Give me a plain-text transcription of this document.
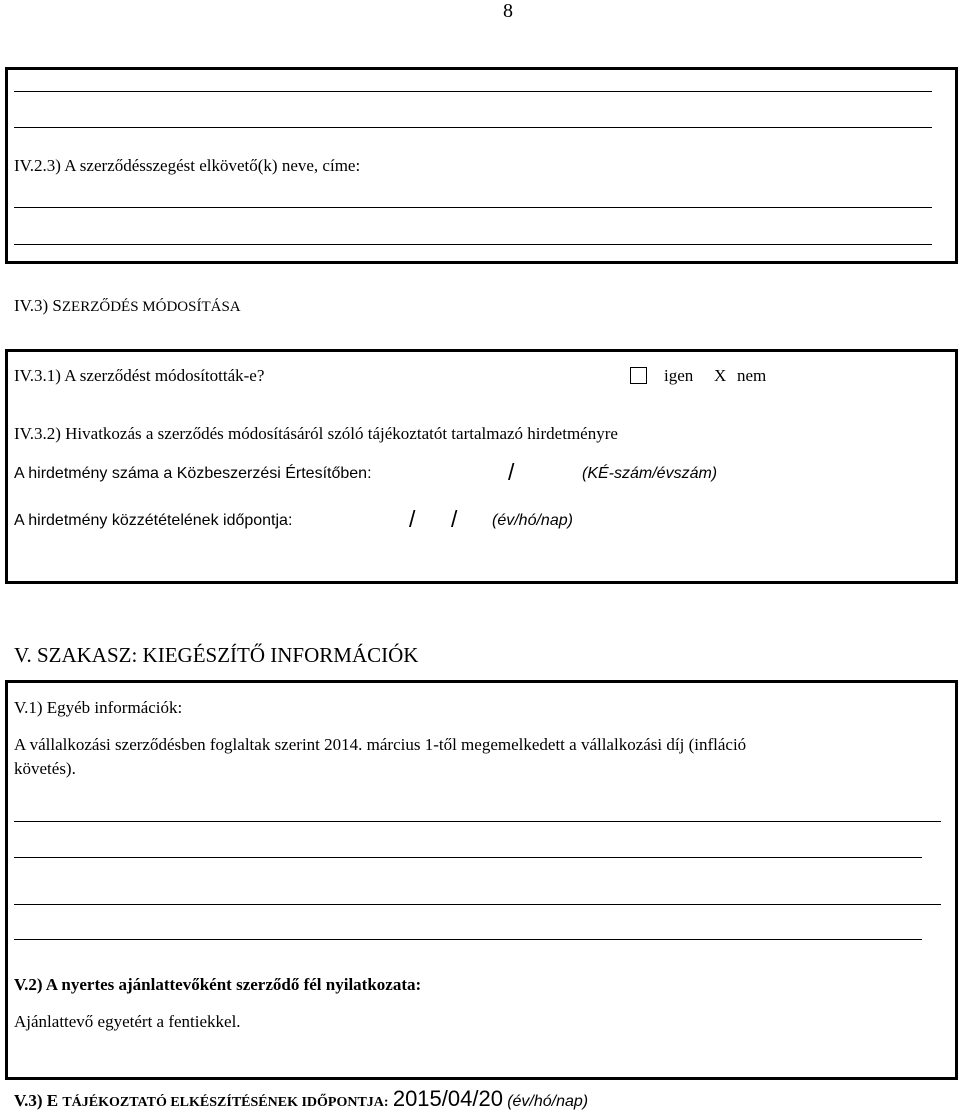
8
IV.2.3) A szerződésszegést elkövető(k) neve, címe:
IV.3) SZERZŐDÉS MÓDOSÍTÁSA
IV.3.1) A szerződést módosították-e?	igen X nem
IV.3.2) Hivatkozás a szerződés módosításáról szóló tájékoztatót tartalmazó hirdetményre
A hirdetmény száma a Közbeszerzési Értesítőben:	/	(KÉ-szám/évszám)
A hirdetmény közzétételének időpontja:	/ / (év/hó/nap)
V. SZAKASZ: KIEGÉSZÍTŐ INFORMÁCIÓK
V.1) Egyéb információk:
A vállalkozási szerződésben foglaltak szerint 2014. március 1-től megemelkedett a vállalkozási díj (infláció
követés).
V.2) A nyertes ajánlattevőként szerződő fél nyilatkozata:
Ajánlattevő egyetért a fentiekkel.
V.3) E TÁJÉKOZTATÓ ELKÉSZÍTÉSÉNEK IDŐPONTJA: 2015/04/20 (év/hó/nap)
